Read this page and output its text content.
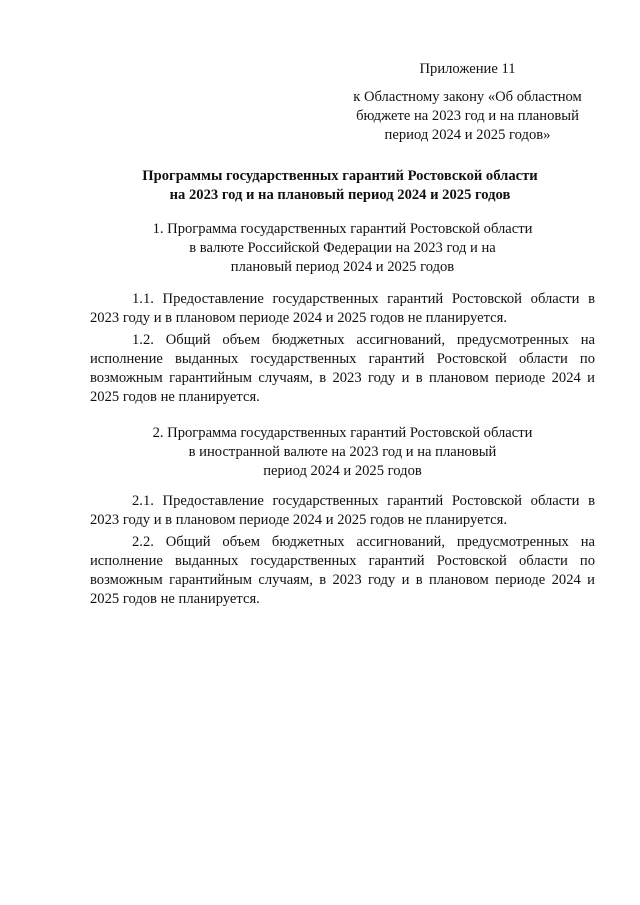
Приложение 11
к Областному закону «Об областном
бюджете на 2023 год и на плановый
период 2024 и 2025 годов»
Программы государственных гарантий Ростовской области
на 2023 год и на плановый период 2024 и 2025 годов
1. Программа государственных гарантий Ростовской области
в валюте Российской Федерации на 2023 год и на
плановый период 2024 и 2025 годов

1.1. Предоставление государственных гарантий Ростовской области в 2023 году и в плановом периоде 2024 и 2025 годов не планируется.

1.2. Общий объем бюджетных ассигнований, предусмотренных на исполнение выданных государственных гарантий Ростовской области по возможным гарантийным случаям, в 2023 году и в плановом периоде 2024 и 2025 годов не планируется.

2. Программа государственных гарантий Ростовской области
в иностранной валюте на 2023 год и на плановый
период 2024 и 2025 годов

2.1. Предоставление государственных гарантий Ростовской области в 2023 году и в плановом периоде 2024 и 2025 годов не планируется.

2.2. Общий объем бюджетных ассигнований, предусмотренных на исполнение выданных государственных гарантий Ростовской области по возможным гарантийным случаям, в 2023 году и в плановом периоде 2024 и 2025 годов не планируется.
